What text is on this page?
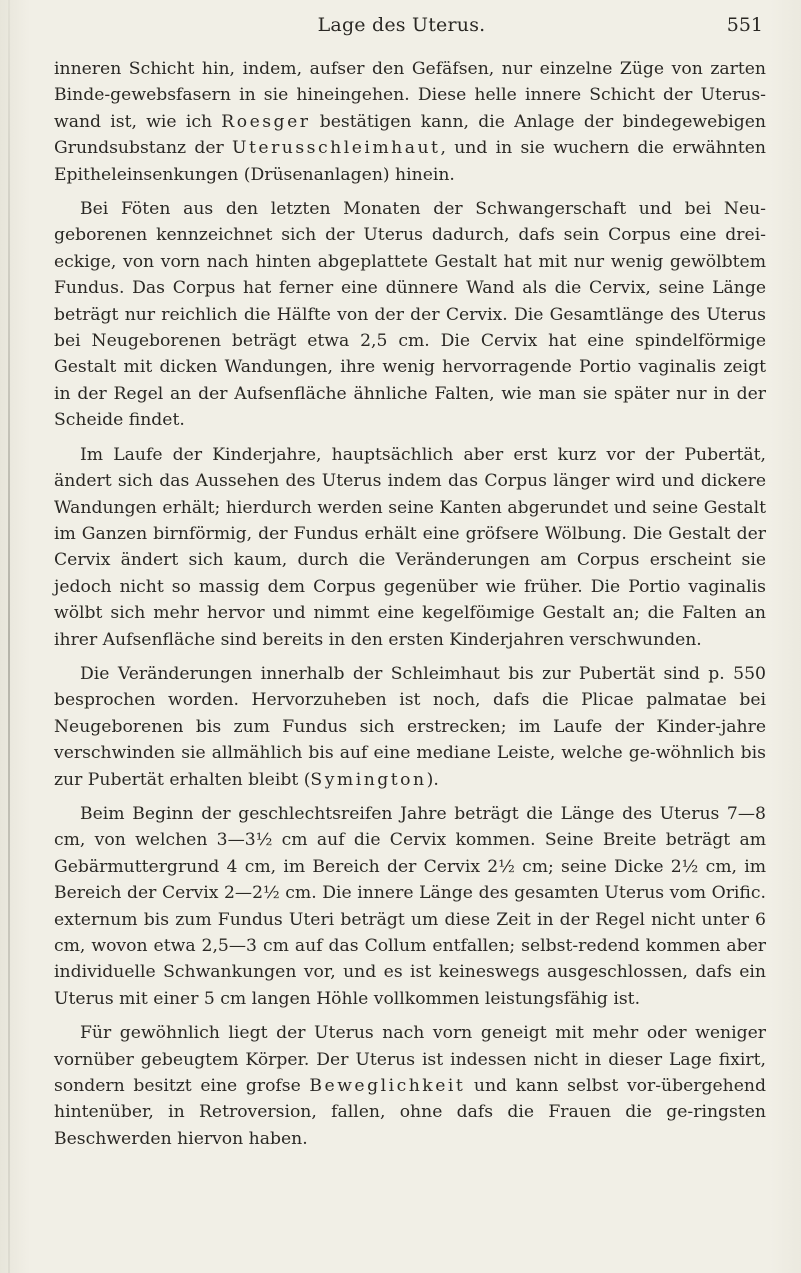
Lage des Uterus.	551

inneren Schicht hin, indem, aufser den Gefäfsen, nur einzelne Züge von zarten Binde-gewebsfasern in sie hineingehen. Diese helle innere Schicht der Uterus-wand ist, wie ich Roesger bestätigen kann, die Anlage der bindegewebigen Grundsubstanz der Uterusschleimhaut, und in sie wuchern die erwähnten Epitheleinsenkungen (Drüsenanlagen) hinein.

Bei Föten aus den letzten Monaten der Schwangerschaft und bei Neu-geborenen kennzeichnet sich der Uterus dadurch, dafs sein Corpus eine drei-eckige, von vorn nach hinten abgeplattete Gestalt hat mit nur wenig gewölbtem Fundus. Das Corpus hat ferner eine dünnere Wand als die Cervix, seine Länge beträgt nur reichlich die Hälfte von der der Cervix. Die Gesamtlänge des Uterus bei Neugeborenen beträgt etwa 2,5 cm. Die Cervix hat eine spindelförmige Gestalt mit dicken Wandungen, ihre wenig hervorragende Portio vaginalis zeigt in der Regel an der Aufsenfläche ähnliche Falten, wie man sie später nur in der Scheide findet.

Im Laufe der Kinderjahre, hauptsächlich aber erst kurz vor der Pubertät, ändert sich das Aussehen des Uterus indem das Corpus länger wird und dickere Wandungen erhält; hierdurch werden seine Kanten abgerundet und seine Gestalt im Ganzen birnförmig, der Fundus erhält eine gröfsere Wölbung. Die Gestalt der Cervix ändert sich kaum, durch die Veränderungen am Corpus erscheint sie jedoch nicht so massig dem Corpus gegenüber wie früher. Die Portio vaginalis wölbt sich mehr hervor und nimmt eine kegelföımige Gestalt an; die Falten an ihrer Aufsenfläche sind bereits in den ersten Kinderjahren verschwunden.

Die Veränderungen innerhalb der Schleimhaut bis zur Pubertät sind p. 550 besprochen worden. Hervorzuheben ist noch, dafs die Plicae palmatae bei Neugeborenen bis zum Fundus sich erstrecken; im Laufe der Kinder-jahre verschwinden sie allmählich bis auf eine mediane Leiste, welche ge-wöhnlich bis zur Pubertät erhalten bleibt (Symington).

Beim Beginn der geschlechtsreifen Jahre beträgt die Länge des Uterus 7—8 cm, von welchen 3—3½ cm auf die Cervix kommen. Seine Breite beträgt am Gebärmuttergrund 4 cm, im Bereich der Cervix 2½ cm; seine Dicke 2½ cm, im Bereich der Cervix 2—2½ cm. Die innere Länge des gesamten Uterus vom Orific. externum bis zum Fundus Uteri beträgt um diese Zeit in der Regel nicht unter 6 cm, wovon etwa 2,5—3 cm auf das Collum entfallen; selbst-redend kommen aber individuelle Schwankungen vor, und es ist keineswegs ausgeschlossen, dafs ein Uterus mit einer 5 cm langen Höhle vollkommen leistungsfähig ist.

Für gewöhnlich liegt der Uterus nach vorn geneigt mit mehr oder weniger vornüber gebeugtem Körper. Der Uterus ist indessen nicht in dieser Lage fixirt, sondern besitzt eine grofse Beweglichkeit und kann selbst vor-übergehend hintenüber, in Retroversion, fallen, ohne dafs die Frauen die ge-ringsten Beschwerden hiervon haben.
